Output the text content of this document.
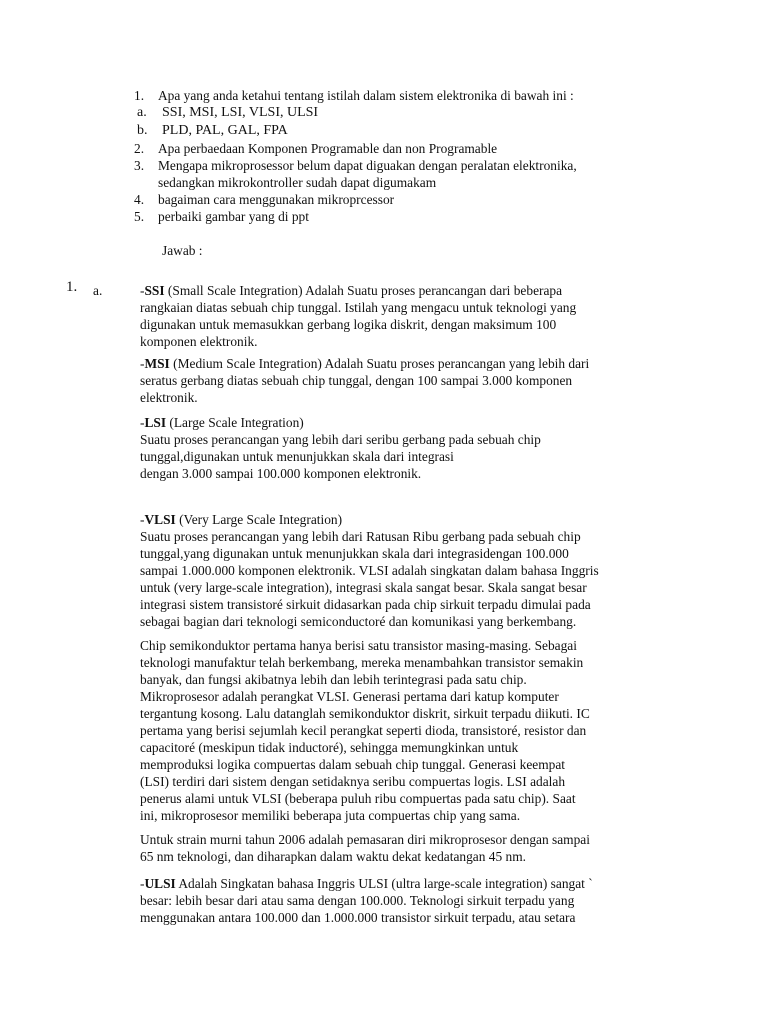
1. Apa yang anda ketahui tentang istilah dalam sistem elektronika di bawah ini :
a. SSI, MSI, LSI, VLSI, ULSI
b. PLD, PAL, GAL, FPA
2. Apa perbaedaan Komponen Programable dan non Programable
3. Mengapa mikroprosessor belum dapat diguakan dengan peralatan elektronika,
sedangkan mikrokontroller sudah dapat digumakam
4. bagaiman cara menggunakan mikroprcessor
5. perbaiki gambar yang di ppt
Jawab :
1. a.	-SSI (Small Scale Integration) Adalah Suatu proses perancangan dari beberapa
rangkaian diatas sebuah chip tunggal. Istilah yang mengacu untuk teknologi yang
digunakan untuk memasukkan gerbang logika diskrit, dengan maksimum 100
komponen elektronik.
-MSI (Medium Scale Integration) Adalah Suatu proses perancangan yang lebih dari
seratus gerbang diatas sebuah chip tunggal, dengan 100 sampai 3.000 komponen
elektronik.
-LSI (Large Scale Integration)
Suatu proses perancangan yang lebih dari seribu gerbang pada sebuah chip
tunggal,digunakan untuk menunjukkan skala dari integrasi
dengan 3.000 sampai 100.000 komponen elektronik.
-VLSI (Very Large Scale Integration)
Suatu proses perancangan yang lebih dari Ratusan Ribu gerbang pada sebuah chip
tunggal,yang digunakan untuk menunjukkan skala dari integrasidengan 100.000
sampai 1.000.000 komponen elektronik. VLSI adalah singkatan dalam bahasa Inggris
untuk (very large-scale integration), integrasi skala sangat besar. Skala sangat besar
integrasi sistem transistoré sirkuit didasarkan pada chip sirkuit terpadu dimulai pada
sebagai bagian dari teknologi semiconductoré dan komunikasi yang berkembang.
Chip semikonduktor pertama hanya berisi satu transistor masing-masing. Sebagai
teknologi manufaktur telah berkembang, mereka menambahkan transistor semakin
banyak, dan fungsi akibatnya lebih dan lebih terintegrasi pada satu chip.
Mikroprosesor adalah perangkat VLSI. Generasi pertama dari katup komputer
tergantung kosong. Lalu datanglah semikonduktor diskrit, sirkuit terpadu diikuti. IC
pertama yang berisi sejumlah kecil perangkat seperti dioda, transistoré, resistor dan
capacitoré (meskipun tidak inductoré), sehingga memungkinkan untuk
memproduksi logika compuertas dalam sebuah chip tunggal. Generasi keempat
(LSI) terdiri dari sistem dengan setidaknya seribu compuertas logis. LSI adalah
penerus alami untuk VLSI (beberapa puluh ribu compuertas pada satu chip). Saat
ini, mikroprosesor memiliki beberapa juta compuertas chip yang sama.
Untuk strain murni tahun 2006 adalah pemasaran diri mikroprosesor dengan sampai
65 nm teknologi, dan diharapkan dalam waktu dekat kedatangan 45 nm.
-ULSI Adalah Singkatan bahasa Inggris ULSI (ultra large-scale integration) sangat `
besar: lebih besar dari atau sama dengan 100.000. Teknologi sirkuit terpadu yang
menggunakan antara 100.000 dan 1.000.000 transistor sirkuit terpadu, atau setara
